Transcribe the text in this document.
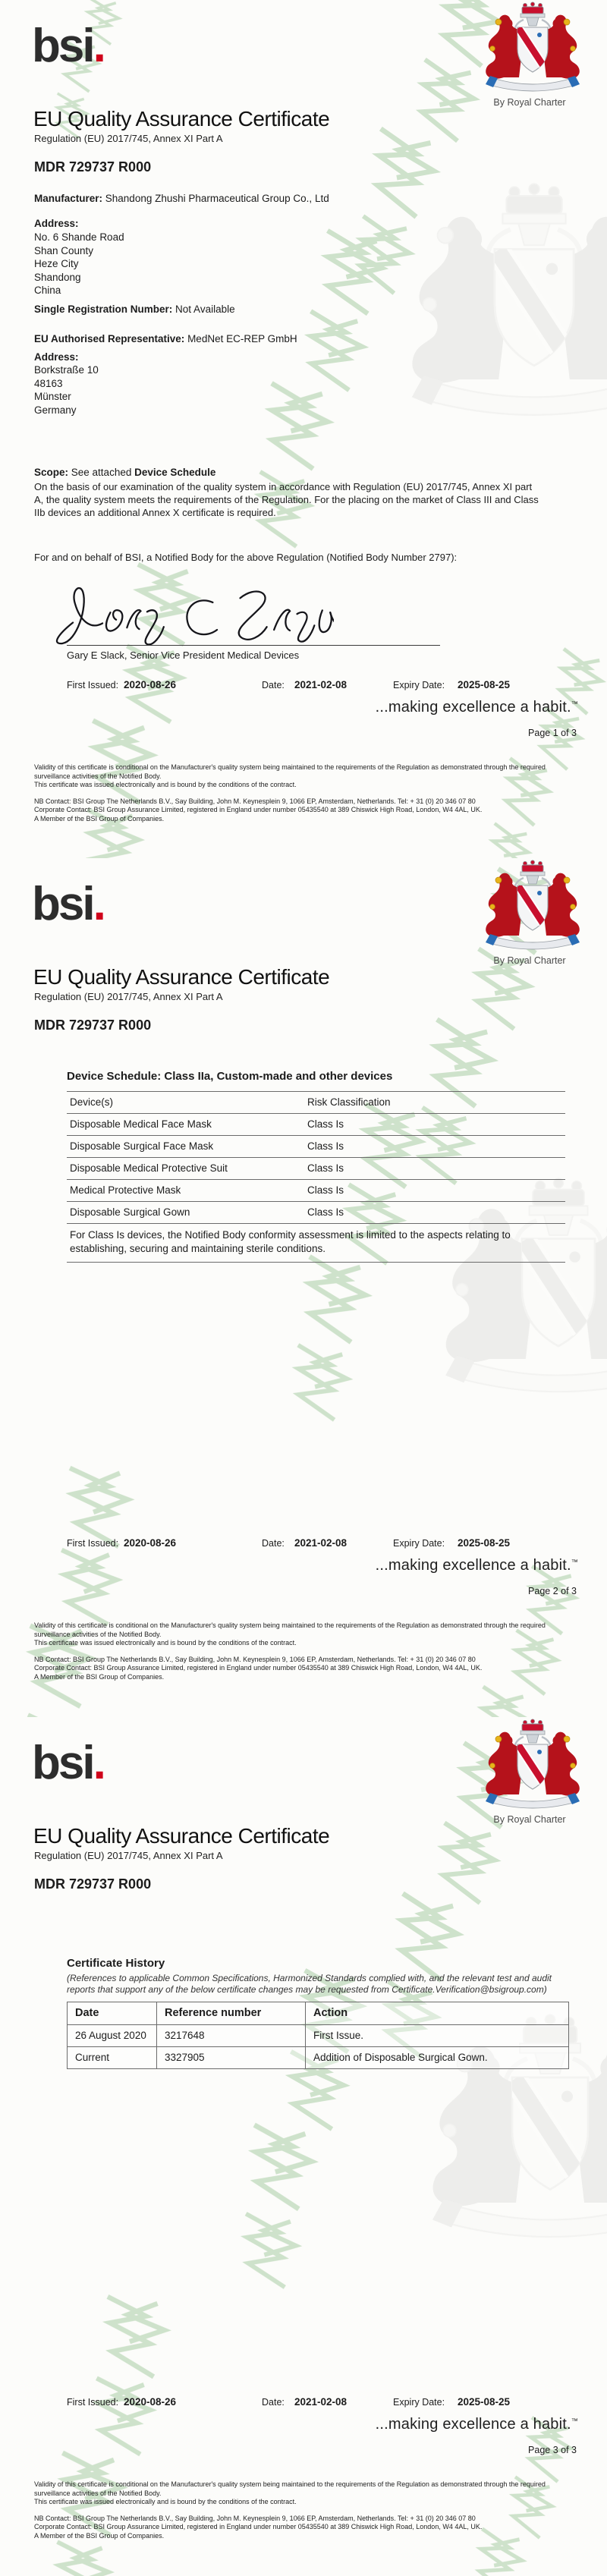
bsi.
By Royal Charter
EU Quality Assurance Certificate
Regulation (EU) 2017/745, Annex XI Part A
MDR 729737 R000
Manufacturer: Shandong Zhushi Pharmaceutical Group Co., Ltd
Address:
No. 6 Shande Road
Shan County
Heze City
Shandong
China
Single Registration Number: Not Available
EU Authorised Representative: MedNet EC-REP GmbH
Address:
Borkstraße 10
48163
Münster
Germany
Scope: See attached Device Schedule
On the basis of our examination of the quality system in accordance with Regulation (EU) 2017/745, Annex XI part A, the quality system meets the requirements of the Regulation. For the placing on the market of Class III and Class IIb devices an additional Annex X certificate is required.
For and on behalf of BSI, a Notified Body for the above Regulation (Notified Body Number 2797):
Gary E Slack, Senior Vice President Medical Devices
First Issued: 2020-08-26	Date: 2021-02-08	Expiry Date: 2025-08-25
...making excellence a habit.™
Page 1 of 3

Validity of this certificate is conditional on the Manufacturer's quality system being maintained to the requirements of the Regulation as demonstrated through the required surveillance activities of the Notified Body.

This certificate was issued electronically and is bound by the conditions of the contract.

NB Contact: BSI Group The Netherlands B.V., Say Building, John M. Keynesplein 9, 1066 EP, Amsterdam, Netherlands. Tel: + 31 (0) 20 346 07 80

Corporate Contact: BSI Group Assurance Limited, registered in England under number 05435540 at 389 Chiswick High Road, London, W4 4AL, UK.

A Member of the BSI Group of Companies.

bsi.
By Royal Charter
EU Quality Assurance Certificate
Regulation (EU) 2017/745, Annex XI Part A
MDR 729737 R000
Device Schedule: Class IIa, Custom-made and other devices
Device(s)	Risk Classification
Disposable Medical Face Mask	Class Is
Disposable Surgical Face Mask	Class Is
Disposable Medical Protective Suit	Class Is
Medical Protective Mask	Class Is
Disposable Surgical Gown	Class Is
For Class Is devices, the Notified Body conformity assessment is limited to the aspects relating to establishing, securing and maintaining sterile conditions.
First Issued: 2020-08-26	Date: 2021-02-08	Expiry Date: 2025-08-25
...making excellence a habit.™
Page 2 of 3

Validity of this certificate is conditional on the Manufacturer's quality system being maintained to the requirements of the Regulation as demonstrated through the required surveillance activities of the Notified Body.

This certificate was issued electronically and is bound by the conditions of the contract.

NB Contact: BSI Group The Netherlands B.V., Say Building, John M. Keynesplein 9, 1066 EP, Amsterdam, Netherlands. Tel: + 31 (0) 20 346 07 80

Corporate Contact: BSI Group Assurance Limited, registered in England under number 05435540 at 389 Chiswick High Road, London, W4 4AL, UK.

A Member of the BSI Group of Companies.

bsi.
By Royal Charter
EU Quality Assurance Certificate
Regulation (EU) 2017/745, Annex XI Part A
MDR 729737 R000
Certificate History
(References to applicable Common Specifications, Harmonized Standards complied with, and the relevant test and audit reports that support any of the below certificate changes may be requested from Certificate.Verification@bsigroup.com)
Date	Reference number	Action
26 August 2020	3217648	First Issue.
Current	3327905	Addition of Disposable Surgical Gown.
First Issued: 2020-08-26	Date: 2021-02-08	Expiry Date: 2025-08-25
...making excellence a habit.™
Page 3 of 3

Validity of this certificate is conditional on the Manufacturer's quality system being maintained to the requirements of the Regulation as demonstrated through the required surveillance activities of the Notified Body.

This certificate was issued electronically and is bound by the conditions of the contract.

NB Contact: BSI Group The Netherlands B.V., Say Building, John M. Keynesplein 9, 1066 EP, Amsterdam, Netherlands. Tel: + 31 (0) 20 346 07 80

Corporate Contact: BSI Group Assurance Limited, registered in England under number 05435540 at 389 Chiswick High Road, London, W4 4AL, UK.

A Member of the BSI Group of Companies.
